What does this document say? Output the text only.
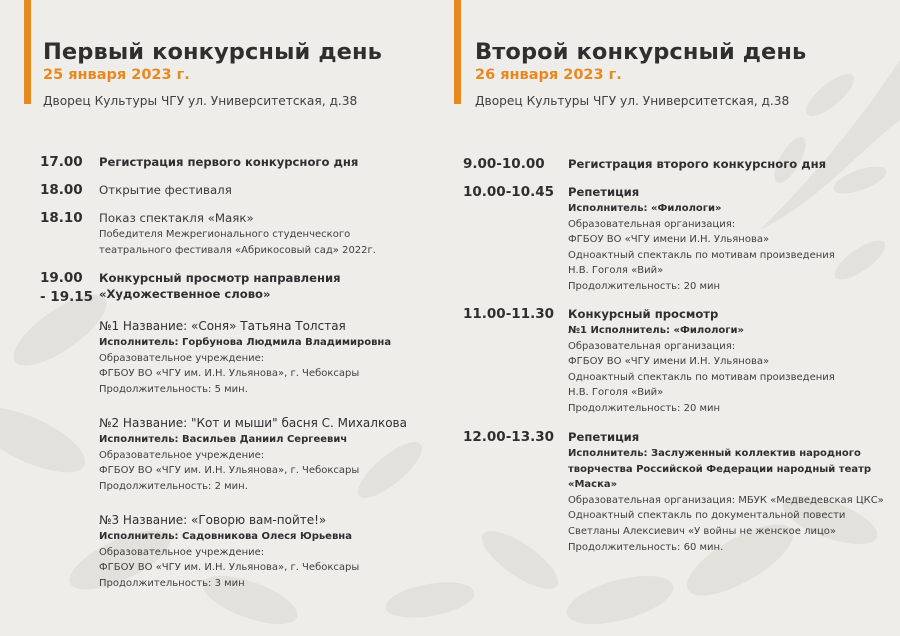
Первый конкурсный день
25 января 2023 г.
Дворец Культуры ЧГУ ул. Университетская, д.38
17.00 Регистрация первого конкурсного дня
18.00 Открытие фестиваля
18.10 Показ спектакля «Маяк»
Победителя Межрегионального студенческого
театрального фестиваля «Абрикосовый сад» 2022г.
19.00
- 19.15
Конкурсный просмотр направления
«Художественное слово»
№1 Название: «Соня» Татьяна Толстая
Исполнитель: Горбунова Людмила Владимировна
Образовательное учреждение:
ФГБОУ ВО «ЧГУ им. И.Н. Ульянова», г. Чебоксары
Продолжительность: 5 мин.
№2 Название: "Кот и мыши" басня С. Михалкова
Исполнитель: Васильев Даниил Сергеевич
Образовательное учреждение:
ФГБОУ ВО «ЧГУ им. И.Н. Ульянова», г. Чебоксары
Продолжительность: 2 мин.
№3 Название: «Говорю вам-пойте!»
Исполнитель: Садовникова Олеся Юрьевна
Образовательное учреждение:
ФГБОУ ВО «ЧГУ им. И.Н. Ульянова», г. Чебоксары
Продолжительность: 3 мин
Второй конкурсный день
26 января 2023 г.
Дворец Культуры ЧГУ ул. Университетская, д.38
9.00-10.00 Регистрация второго конкурсного дня
10.00-10.45 Репетиция
Исполнитель: «Филологи»
Образовательная организация:
ФГБОУ ВО «ЧГУ имени И.Н. Ульянова»
Одноактный спектакль по мотивам произведения
Н.В. Гоголя «Вий»
Продолжительность: 20 мин
11.00-11.30 Конкурсный просмотр
№1 Исполнитель: «Филологи»
Образовательная организация:
ФГБОУ ВО «ЧГУ имени И.Н. Ульянова»
Одноактный спектакль по мотивам произведения
Н.В. Гоголя «Вий»
Продолжительность: 20 мин
12.00-13.30 Репетиция
Исполнитель: Заслуженный коллектив народного
творчества Российской Федерации народный театр
«Маска»
Образовательная организация: МБУК «Медведевская ЦКС»
Одноактный спектакль по документальной повести
Светланы Алексиевич «У войны не женское лицо»
Продолжительность: 60 мин.
